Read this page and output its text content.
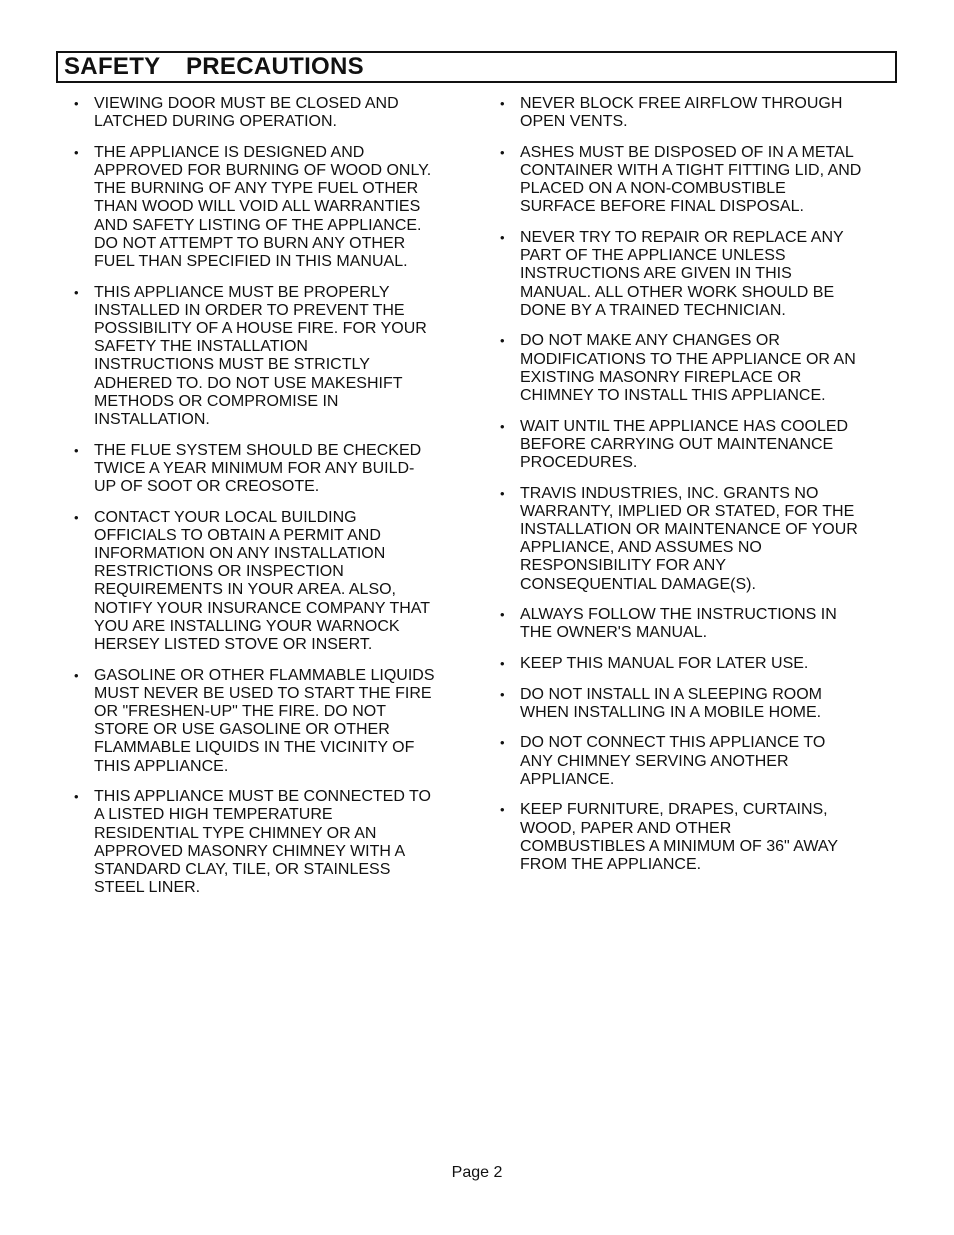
SAFETY  PRECAUTIONS
• VIEWING DOOR MUST BE CLOSED AND
LATCHED DURING OPERATION.
• THE APPLIANCE IS DESIGNED AND
APPROVED FOR BURNING OF WOOD ONLY.
THE BURNING OF ANY TYPE FUEL OTHER
THAN WOOD WILL VOID ALL WARRANTIES
AND SAFETY LISTING OF THE APPLIANCE.
DO NOT ATTEMPT TO BURN ANY OTHER
FUEL THAN SPECIFIED IN THIS MANUAL.
• THIS APPLIANCE MUST BE PROPERLY
INSTALLED IN ORDER TO PREVENT THE
POSSIBILITY OF A HOUSE FIRE. FOR YOUR
SAFETY THE INSTALLATION
INSTRUCTIONS MUST BE STRICTLY
ADHERED TO. DO NOT USE MAKESHIFT
METHODS OR COMPROMISE IN
INSTALLATION.
• THE FLUE SYSTEM SHOULD BE CHECKED
TWICE A YEAR MINIMUM FOR ANY BUILD-
UP OF SOOT OR CREOSOTE.
• CONTACT YOUR LOCAL BUILDING
OFFICIALS TO OBTAIN A PERMIT AND
INFORMATION ON ANY INSTALLATION
RESTRICTIONS OR INSPECTION
REQUIREMENTS IN YOUR AREA. ALSO,
NOTIFY YOUR INSURANCE COMPANY THAT
YOU ARE INSTALLING YOUR WARNOCK
HERSEY LISTED STOVE OR INSERT.
• GASOLINE OR OTHER FLAMMABLE LIQUIDS
MUST NEVER BE USED TO START THE FIRE
OR "FRESHEN-UP" THE FIRE. DO NOT
STORE OR USE GASOLINE OR OTHER
FLAMMABLE LIQUIDS IN THE VICINITY OF
THIS APPLIANCE.
• THIS APPLIANCE MUST BE CONNECTED TO
A LISTED HIGH TEMPERATURE
RESIDENTIAL TYPE CHIMNEY OR AN
APPROVED MASONRY CHIMNEY WITH A
STANDARD CLAY, TILE, OR STAINLESS
STEEL LINER.
• NEVER BLOCK FREE AIRFLOW THROUGH
OPEN VENTS.
• ASHES MUST BE DISPOSED OF IN A METAL
CONTAINER WITH A TIGHT FITTING LID, AND
PLACED ON A NON-COMBUSTIBLE
SURFACE BEFORE FINAL DISPOSAL.
• NEVER TRY TO REPAIR OR REPLACE ANY
PART OF THE APPLIANCE UNLESS
INSTRUCTIONS ARE GIVEN IN THIS
MANUAL. ALL OTHER WORK SHOULD BE
DONE BY A TRAINED TECHNICIAN.
• DO NOT MAKE ANY CHANGES OR
MODIFICATIONS TO THE APPLIANCE OR AN
EXISTING MASONRY FIREPLACE OR
CHIMNEY TO INSTALL THIS APPLIANCE.
• WAIT UNTIL THE APPLIANCE HAS COOLED
BEFORE CARRYING OUT MAINTENANCE
PROCEDURES.
• TRAVIS INDUSTRIES, INC. GRANTS NO
WARRANTY, IMPLIED OR STATED, FOR THE
INSTALLATION OR MAINTENANCE OF YOUR
APPLIANCE, AND ASSUMES NO
RESPONSIBILITY FOR ANY
CONSEQUENTIAL DAMAGE(S).
• ALWAYS FOLLOW THE INSTRUCTIONS IN
THE OWNER'S MANUAL.
• KEEP THIS MANUAL FOR LATER USE.
• DO NOT INSTALL IN A SLEEPING ROOM
WHEN INSTALLING IN A MOBILE HOME.
• DO NOT CONNECT THIS APPLIANCE TO
ANY CHIMNEY SERVING ANOTHER
APPLIANCE.
• KEEP FURNITURE, DRAPES, CURTAINS,
WOOD, PAPER AND OTHER
COMBUSTIBLES A MINIMUM OF 36" AWAY
FROM THE APPLIANCE.
Page 2
